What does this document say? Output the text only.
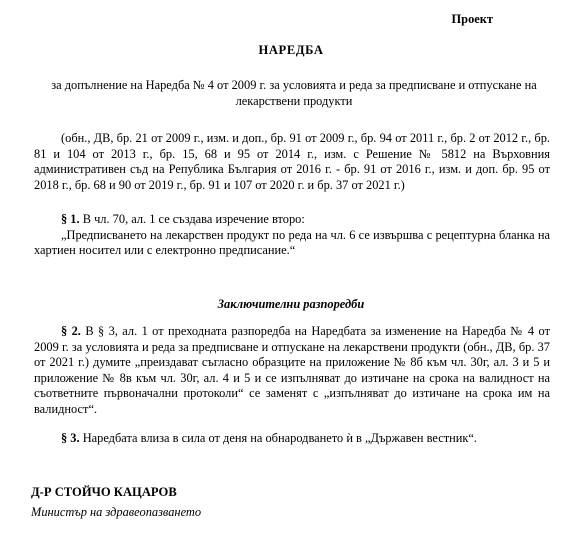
Проект
НАРЕДБА
за допълнение на Наредба № 4 от 2009 г. за условията и реда за предписване и отпускане на лекарствени продукти
(обн., ДВ, бр. 21 от 2009 г., изм. и доп., бр. 91 от 2009 г., бр. 94 от 2011 г., бр. 2 от 2012 г., бр. 81 и 104 от 2013 г., бр. 15, 68 и 95 от 2014 г., изм. с Решение № 5812 на Върховния административен съд на Република България от 2016 г. - бр. 91 от 2016 г., изм. и доп. бр. 95 от 2018 г., бр. 68 и 90 от 2019 г., бр. 91 и 107 от 2020 г. и бр. 37 от 2021 г.)

§ 1. В чл. 70, ал. 1 се създава изречение второ:

„Предписването на лекарствен продукт по реда на чл. 6 се извършва с рецептурна бланка на хартиен носител или с електронно предписание.“

Заключителни разпоредби

§ 2. В § 3, ал. 1 от преходната разпоредба на Наредбата за изменение на Наредба № 4 от 2009 г. за условията и реда за предписване и отпускане на лекарствени продукти (обн., ДВ, бр. 37 от 2021 г.) думите „преиздават съгласно образците на приложение № 8б към чл. 30г, ал. 3 и 5 и приложение № 8в към чл. 30г, ал. 4 и 5 и се изпълняват до изтичане на срока на валидност на съответните първоначални протоколи“ се заменят с „изпълняват до изтичане на срока им на валидност“.

§ 3. Наредбата влиза в сила от деня на обнародването ѝ в „Държавен вестник“.

Д-Р СТОЙЧО КАЦАРОВ
Министър на здравеопазването
